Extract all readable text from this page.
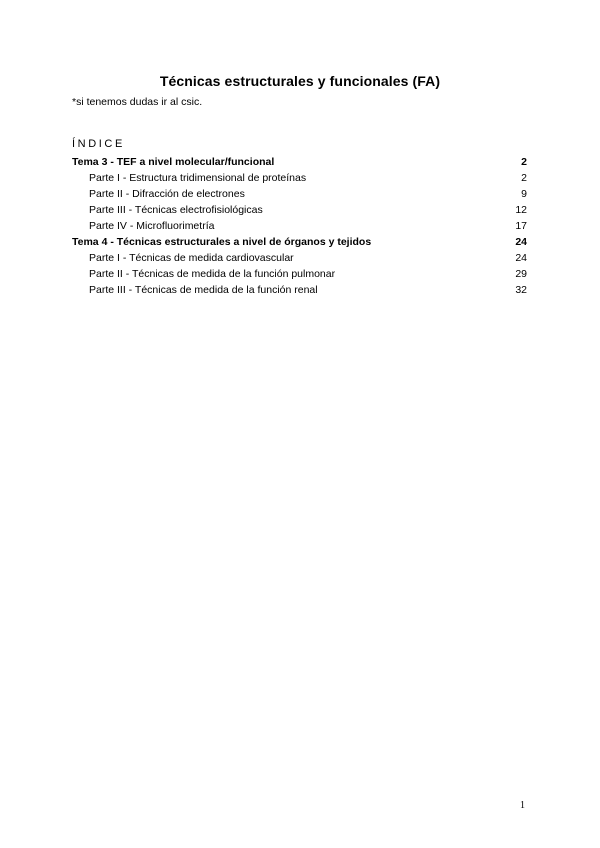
Técnicas estructurales y funcionales (FA)
*si tenemos dudas ir al csic.
ÍNDICE
Tema 3 - TEF a nivel molecular/funcional	2
Parte I - Estructura tridimensional de proteínas	2
Parte II - Difracción de electrones	9
Parte III - Técnicas electrofisiológicas	12
Parte IV - Microfluorimetría	17
Tema 4 - Técnicas estructurales a nivel de órganos y tejidos	24
Parte I - Técnicas de medida cardiovascular	24
Parte II - Técnicas de medida de la función pulmonar	29
Parte III - Técnicas de medida de la función renal	32
1
